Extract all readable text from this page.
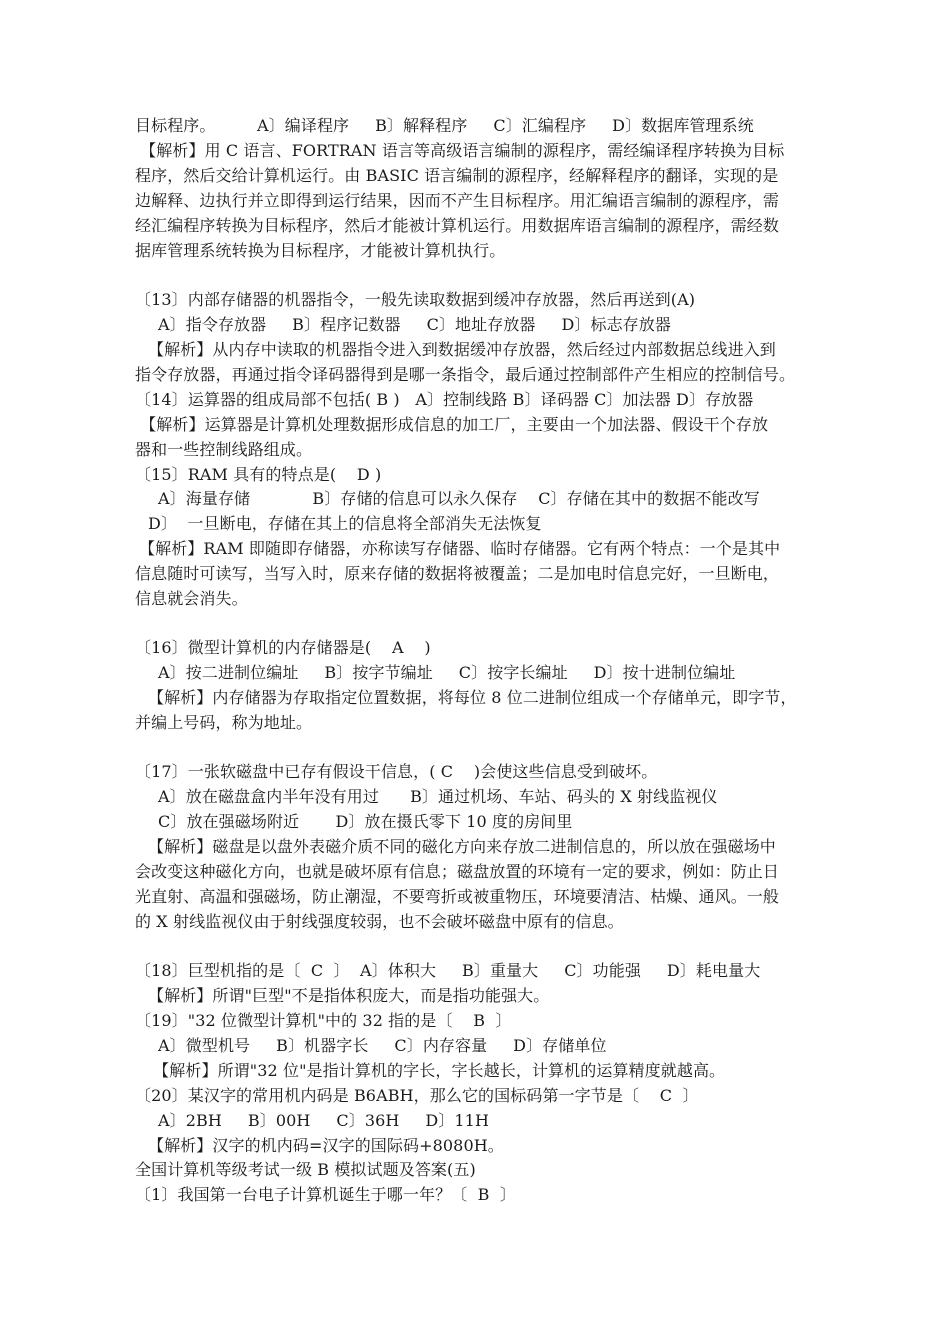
目标程序。        A〕编译程序     B〕解释程序     C〕汇编程序     D〕数据库管理系统
【解析】用 C 语言、FORTRAN 语言等高级语言编制的源程序，需经编译程序转换为目标
程序，然后交给计算机运行。由 BASIC 语言编制的源程序，经解释程序的翻译，实现的是
边解释、边执行并立即得到运行结果，因而不产生目标程序。用汇编语言编制的源程序，需
经汇编程序转换为目标程序，然后才能被计算机运行。用数据库语言编制的源程序，需经数
据库管理系统转换为目标程序，才能被计算机执行。
〔13〕内部存储器的机器指令，一般先读取数据到缓冲存放器，然后再送到(A)
A〕指令存放器     B〕程序记数器     C〕地址存放器     D〕标志存放器
【解析】从内存中读取的机器指令进入到数据缓冲存放器，然后经过内部数据总线进入到
指令存放器，再通过指令译码器得到是哪一条指令，最后通过控制部件产生相应的控制信号。
〔14〕运算器的组成局部不包括( B )   A〕控制线路 B〕译码器 C〕加法器 D〕存放器
【解析】运算器是计算机处理数据形成信息的加工厂，主要由一个加法器、假设干个存放
器和一些控制线路组成。
〔15〕RAM 具有的特点是(    D )
A〕海量存储            B〕存储的信息可以永久保存    C〕存储在其中的数据不能改写
D〕  一旦断电，存储在其上的信息将全部消失无法恢复
【解析】RAM 即随即存储器，亦称读写存储器、临时存储器。它有两个特点：一个是其中
信息随时可读写，当写入时，原来存储的数据将被覆盖；二是加电时信息完好，一旦断电，
信息就会消失。
〔16〕微型计算机的内存储器是(    A    )
A〕按二进制位编址     B〕按字节编址     C〕按字长编址     D〕按十进制位编址
【解析】内存储器为存取指定位置数据，将每位 8 位二进制位组成一个存储单元，即字节，
并编上号码，称为地址。
〔17〕一张软磁盘中已存有假设干信息，( C    )会使这些信息受到破坏。
A〕放在磁盘盒内半年没有用过      B〕通过机场、车站、码头的 X 射线监视仪
C〕放在强磁场附近       D〕放在摄氏零下 10 度的房间里
【解析】磁盘是以盘外表磁介质不同的磁化方向来存放二进制信息的，所以放在强磁场中
会改变这种磁化方向，也就是破坏原有信息；磁盘放置的环境有一定的要求，例如：防止日
光直射、高温和强磁场，防止潮湿，不要弯折或被重物压，环境要清洁、枯燥、通风。一般
的 X 射线监视仪由于射线强度较弱，也不会破坏磁盘中原有的信息。
〔18〕巨型机指的是〔  C  〕  A〕体积大     B〕重量大     C〕功能强     D〕耗电量大
【解析】所谓"巨型"不是指体积庞大，而是指功能强大。
〔19〕"32 位微型计算机"中的 32 指的是〔    B  〕
A〕微型机号     B〕机器字长     C〕内存容量     D〕存储单位
【解析】所谓"32 位"是指计算机的字长，字长越长，计算机的运算精度就越高。
〔20〕某汉字的常用机内码是 B6ABH，那么它的国标码第一字节是〔    C  〕
A〕2BH     B〕00H     C〕36H     D〕11H
【解析】汉字的机内码=汉字的国际码+8080H。
全国计算机等级考试一级 B 模拟试题及答案(五)
〔1〕我国第一台电子计算机诞生于哪一年？〔  B  〕
